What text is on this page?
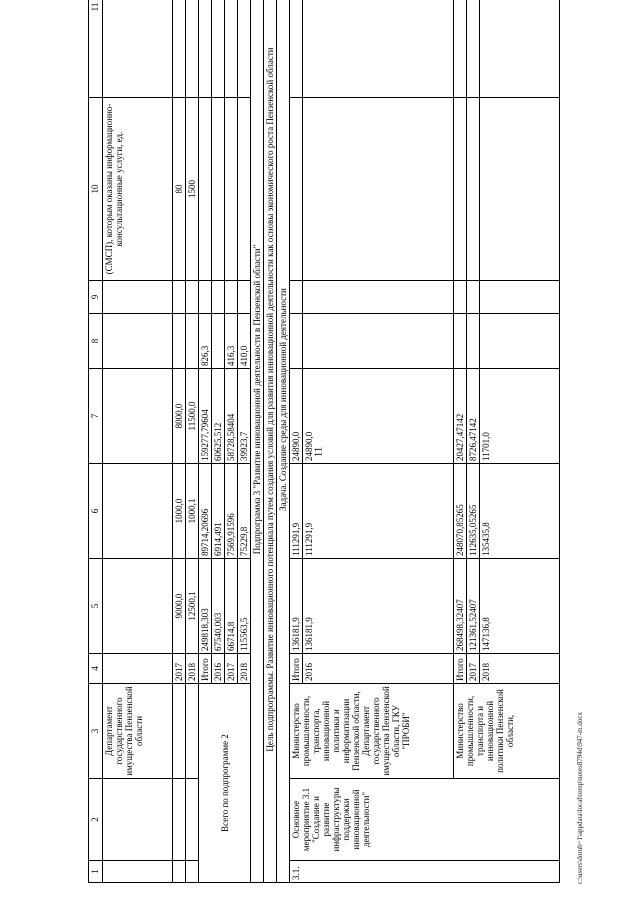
11
1	2	3	4	5	6	7	8	9	10	11
		Департамент государственного имущества Пензенской области							(СМСП), которым оказаны информационно-консультационные услуги, ед.	
			2017	9000,0	1000,0	8000,0			80	
			2018	12500,1	1000,1	11500,0			1500	
Всего по подпрограмме 2			Итого	249818,303	89714,20696	159277,79604	826,3			
			2016	67540,003	6914,491	60625,512				
			2017	66714,8	7569,91596	58728,58404	416,3			
			2018	115563,5	75229,8	39923,7	410,0			
Подпрограмма 3 "Развитие инновационной деятельности в Пензенской области"										
Цель подпрограммы. Развитие инновационного потенциала путем создания условий для развития инновационной деятельности как основы экономического роста Пензенской области										
Задача. Создание среды для инновационной деятельности										
3.1.	Основное мероприятие 3.1 "Создание и развитие инфраструктуры поддержки инновационной деятельности"	Министерство промышленности, транспорта, инновационной политики и информатизации Пензенской области, Департамент государственного имущества Пензенской области, ГКУ "ПРОБИ"	Итого	136181,9	111291,9	24890,0				
			2016	136181,9	111291,9	24890,0				
		Министерство промышленности, транспорта и инновационной политики Пензенской области,	Итого	268498,32407	248070,85265	20427,47142				
			2017	121361,52407	112635,05265	8726,47142				
			2018	147136,8	135435,8	11701,0				
c:\users\dorub~1\appdata\local\temp\notes8794d\947-m.docx
